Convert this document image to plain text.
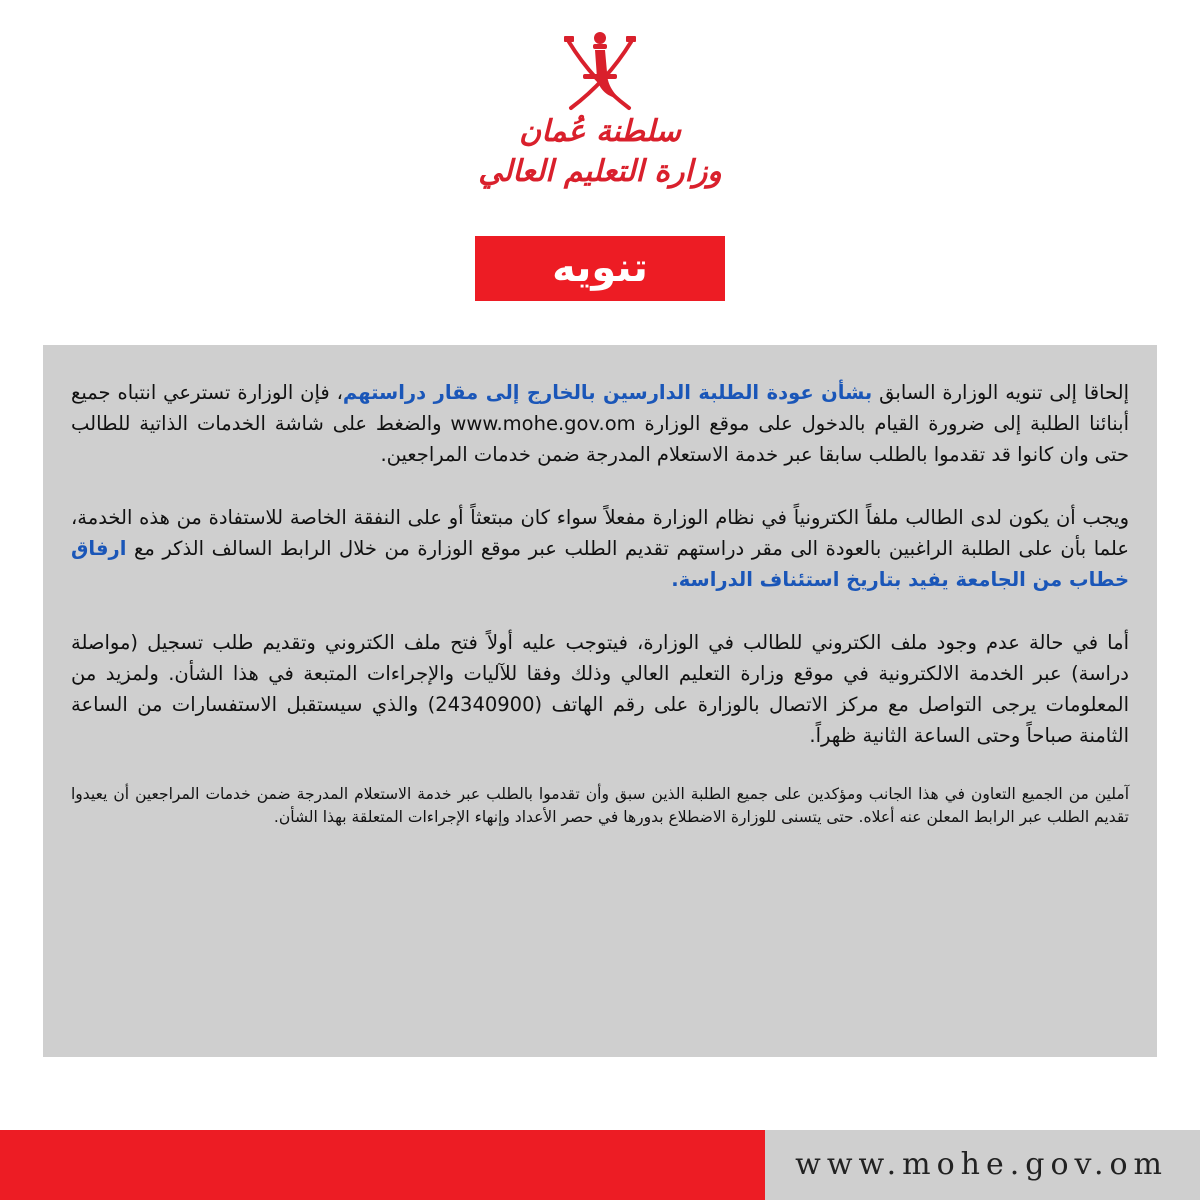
سلطنة عُمان
وزارة التعليم العالي
تنويه

إلحاقا إلى تنويه الوزارة السابق بشأن عودة الطلبة الدارسين بالخارج إلى مقار دراستهم، فإن الوزارة تسترعي انتباه جميع أبنائنا الطلبة إلى ضرورة القيام بالدخول على موقع الوزارة www.mohe.gov.om والضغط على شاشة الخدمات الذاتية للطالب حتى وان كانوا قد تقدموا بالطلب سابقا عبر خدمة الاستعلام المدرجة ضمن خدمات المراجعين.

ويجب أن يكون لدى الطالب ملفاً الكترونياً في نظام الوزارة مفعلاً سواء كان مبتعثاً أو على النفقة الخاصة للاستفادة من هذه الخدمة، علما بأن على الطلبة الراغبين بالعودة الى مقر دراستهم تقديم الطلب عبر موقع الوزارة من خلال الرابط السالف الذكر مع ارفاق خطاب من الجامعة يفيد بتاريخ استئناف الدراسة.

أما في حالة عدم وجود ملف الكتروني للطالب في الوزارة، فيتوجب عليه أولاً فتح ملف الكتروني وتقديم طلب تسجيل (مواصلة دراسة) عبر الخدمة الالكترونية في موقع وزارة التعليم العالي وذلك وفقا للآليات والإجراءات المتبعة في هذا الشأن. ولمزيد من المعلومات يرجى التواصل مع مركز الاتصال بالوزارة على رقم الهاتف (24340900) والذي سيستقبل الاستفسارات من الساعة الثامنة صباحاً وحتى الساعة الثانية ظهراً.

آملين من الجميع التعاون في هذا الجانب ومؤكدين على جميع الطلبة الذين سبق وأن تقدموا بالطلب عبر خدمة الاستعلام المدرجة ضمن خدمات المراجعين أن يعيدوا تقديم الطلب عبر الرابط المعلن عنه أعلاه. حتى يتسنى للوزارة الاضطلاع بدورها في حصر الأعداد وإنهاء الإجراءات المتعلقة بهذا الشأن.

www.mohe.gov.om
